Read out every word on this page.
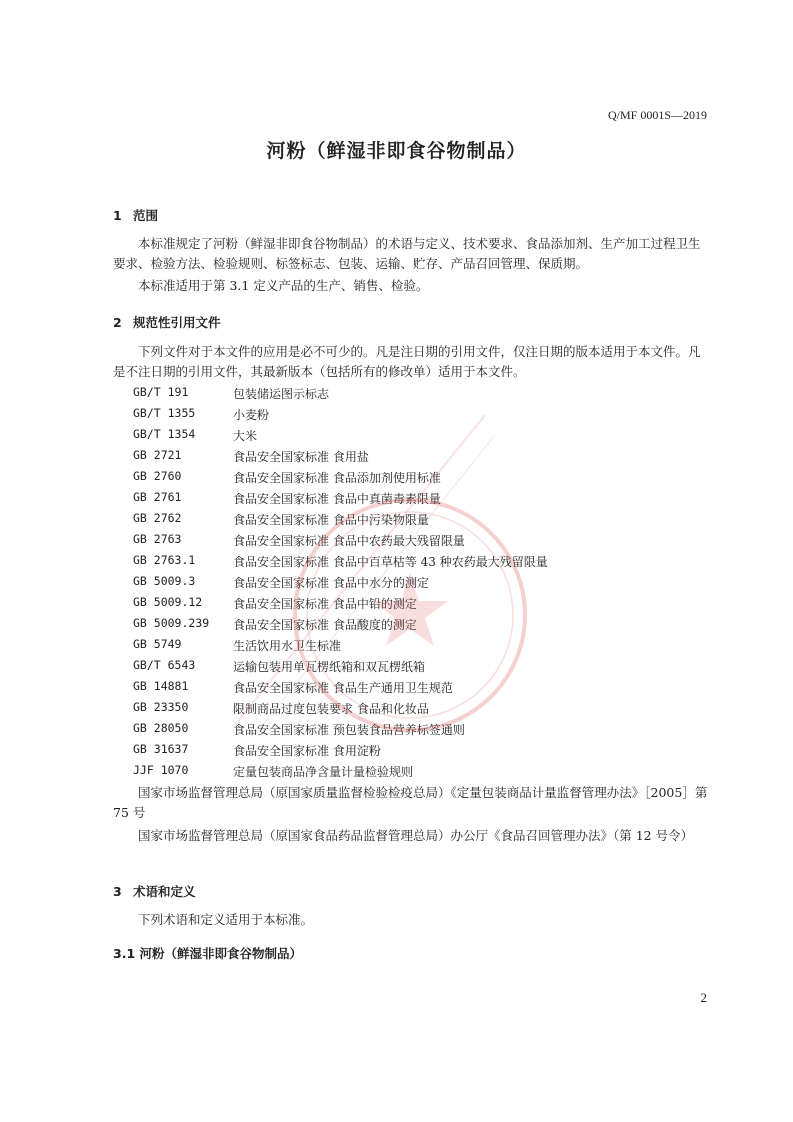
Q/MF 0001S—2019
河粉（鲜湿非即食谷物制品）
1 范围
本标准规定了河粉（鲜湿非即食谷物制品）的术语与定义、技术要求、食品添加剂、生产加工过程卫生要求、检验方法、检验规则、标签标志、包装、运输、贮存、产品召回管理、保质期。
本标准适用于第 3.1 定义产品的生产、销售、检验。
2 规范性引用文件
下列文件对于本文件的应用是必不可少的。凡是注日期的引用文件，仅注日期的版本适用于本文件。凡是不注日期的引用文件，其最新版本（包括所有的修改单）适用于本文件。
GB/T 191	包装储运图示标志
GB/T 1355	小麦粉
GB/T 1354	大米
GB 2721	食品安全国家标准 食用盐
GB 2760	食品安全国家标准 食品添加剂使用标准
GB 2761	食品安全国家标准 食品中真菌毒素限量
GB 2762	食品安全国家标准 食品中污染物限量
GB 2763	食品安全国家标准 食品中农药最大残留限量
GB 2763.1	食品安全国家标准 食品中百草枯等 43 种农药最大残留限量
GB 5009.3	食品安全国家标准 食品中水分的测定
GB 5009.12	食品安全国家标准 食品中铅的测定
GB 5009.239 食品安全国家标准 食品酸度的测定
GB 5749	生活饮用水卫生标准
GB/T 6543	运输包装用单瓦楞纸箱和双瓦楞纸箱
GB 14881	食品安全国家标准 食品生产通用卫生规范
GB 23350	限制商品过度包装要求 食品和化妆品
GB 28050	食品安全国家标准 预包装食品营养标签通则
GB 31637	食品安全国家标准 食用淀粉
JJF 1070	定量包装商品净含量计量检验规则
国家市场监督管理总局（原国家质量监督检验检疫总局）《定量包装商品计量监督管理办法》［2005］第 75 号
国家市场监督管理总局（原国家食品药品监督管理总局）办公厅《食品召回管理办法》（第 12 号令）
3 术语和定义
下列术语和定义适用于本标准。
3.1 河粉（鲜湿非即食谷物制品）
2
